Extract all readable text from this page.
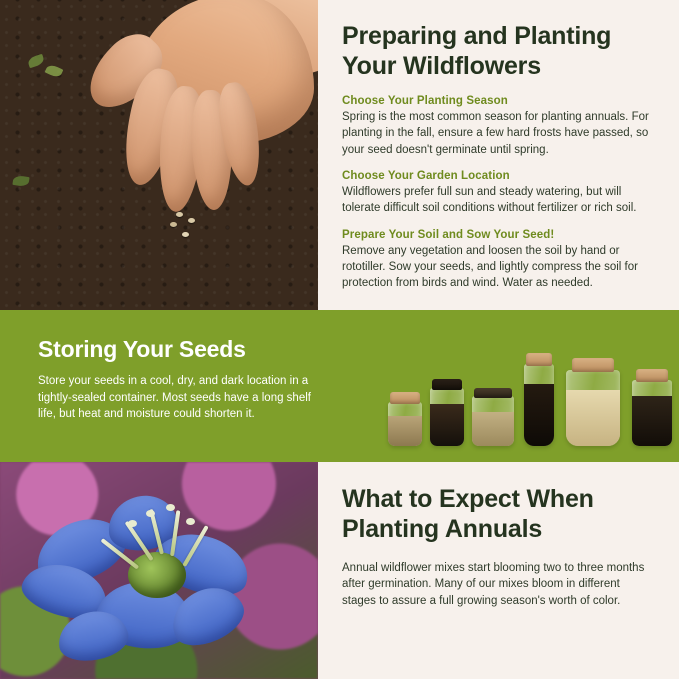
Preparing and Planting Your Wildflowers

Choose Your Planting Season

Spring is the most common season for planting annuals. For planting in the fall, ensure a few hard frosts have passed, so your seed doesn't germinate until spring.

Choose Your Garden Location

Wildflowers prefer full sun and steady watering, but will tolerate difficult soil conditions without fertilizer or rich soil.

Prepare Your Soil and Sow Your Seed!

Remove any vegetation and loosen the soil by hand or rototiller. Sow your seeds, and lightly compress the soil for protection from birds and wind. Water as needed.

Storing Your Seeds

Store your seeds in a cool, dry, and dark location in a tightly-sealed container. Most seeds have a long shelf life, but heat and moisture could shorten it.

What to Expect When Planting Annuals

Annual wildflower mixes start blooming two to three months after germination. Many of our mixes bloom in different stages to assure a full growing season's worth of color.
